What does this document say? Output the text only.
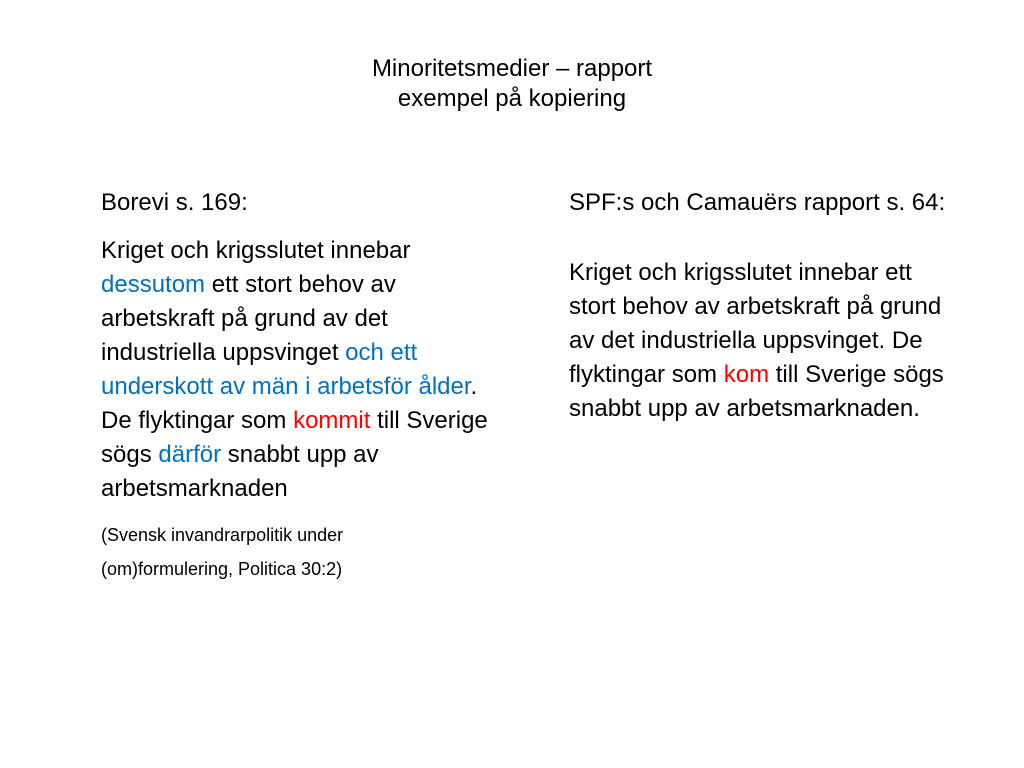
Minoritetsmedier – rapport
exempel på kopiering

Borevi s. 169:

Kriget och krigsslutet innebar dessutom ett stort behov av arbetskraft på grund av det industriella uppsvinget och ett underskott av män i arbetsför ålder. De flyktingar som kommit till Sverige sögs därför snabbt upp av arbetsmarknaden

(Svensk invandrarpolitik under
(om)formulering, Politica 30:2)

SPF:s och Camauërs rapport s. 64:

Kriget och krigsslutet innebar ett stort behov av arbetskraft på grund av det industriella uppsvinget. De flyktingar som kom till Sverige sögs snabbt upp av arbetsmarknaden.
